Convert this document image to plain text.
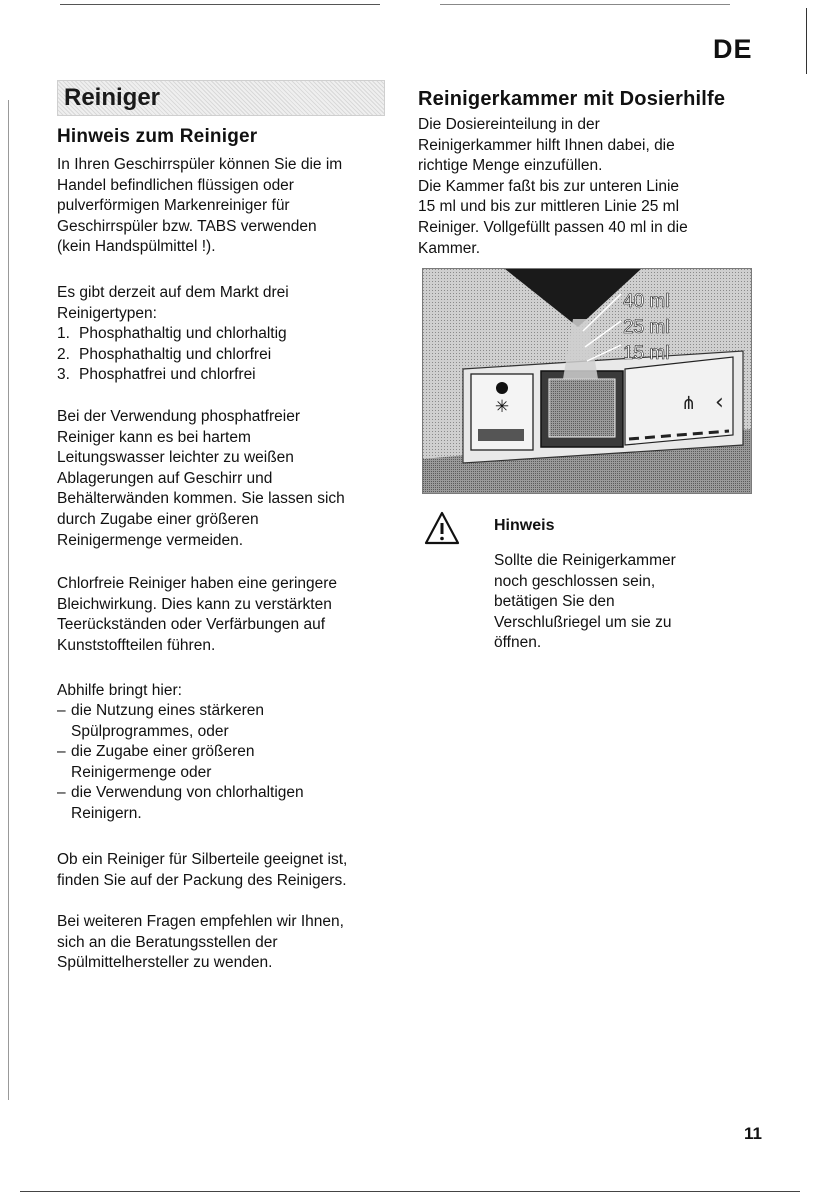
DE
Reiniger
Hinweis zum Reiniger
In Ihren Geschirrspüler können Sie die im
Handel befindlichen flüssigen oder
pulverförmigen Markenreiniger für
Geschirrspüler bzw. TABS verwenden
(kein Handspülmittel !).
Es gibt derzeit auf dem Markt drei
Reinigertypen:
1. Phosphathaltig und chlorhaltig
2. Phosphathaltig und chlorfrei
3. Phosphatfrei und chlorfrei
Bei der Verwendung phosphatfreier
Reiniger kann es bei hartem
Leitungswasser leichter zu weißen
Ablagerungen auf Geschirr und
Behälterwänden kommen. Sie lassen sich
durch Zugabe einer größeren
Reinigermenge vermeiden.
Chlorfreie Reiniger haben eine geringere
Bleichwirkung. Dies kann zu verstärkten
Teerückständen oder Verfärbungen auf
Kunststoffteilen führen.
Abhilfe bringt hier:
– die Nutzung eines stärkeren
Spülprogrammes, oder
– die Zugabe einer größeren
Reinigermenge oder
– die Verwendung von chlorhaltigen
Reinigern.
Ob ein Reiniger für Silberteile geeignet ist,
finden Sie auf der Packung des Reinigers.
Bei weiteren Fragen empfehlen wir Ihnen,
sich an die Beratungsstellen der
Spülmittelhersteller zu wenden.
Reinigerkammer mit Dosierhilfe
Die Dosiereinteilung in der
Reinigerkammer hilft Ihnen dabei, die
richtige Menge einzufüllen.
Die Kammer faßt bis zur unteren Linie
15 ml und bis zur mittleren Linie 25 ml
Reiniger. Vollgefüllt passen 40 ml in die
Kammer.
✳	⋔ ‹
40 ml
25 ml
15 ml
Hinweis
Sollte die Reinigerkammer
noch geschlossen sein,
betätigen Sie den
Verschlußriegel um sie zu
öffnen.
11
